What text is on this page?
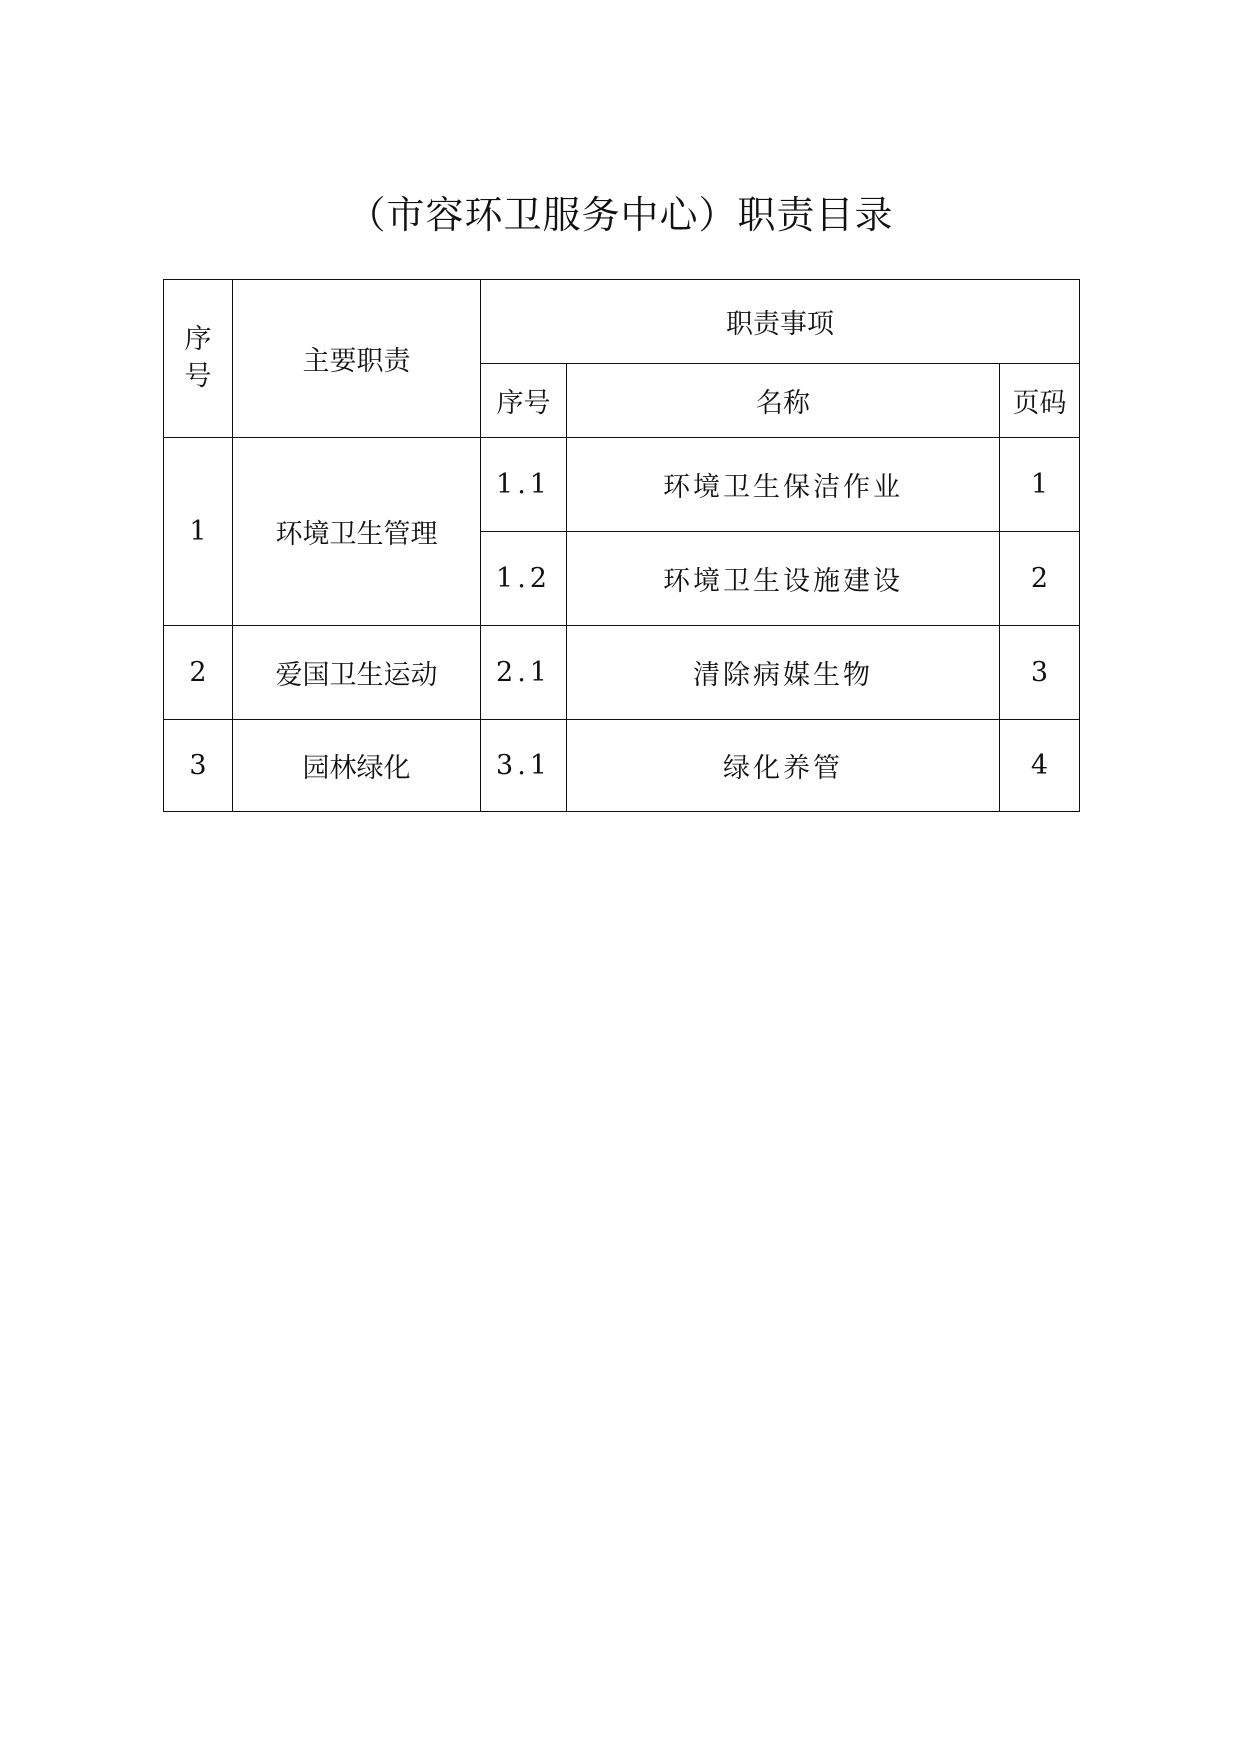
（市容环卫服务中心）职责目录
序号	主要职责	职责事项		
		序号	名称	页码
1	环境卫生管理	1.1	环境卫生保洁作业	1
		1.2	环境卫生设施建设	2
2	爱国卫生运动	2.1	清除病媒生物	3
3	园林绿化	3.1	绿化养管	4
